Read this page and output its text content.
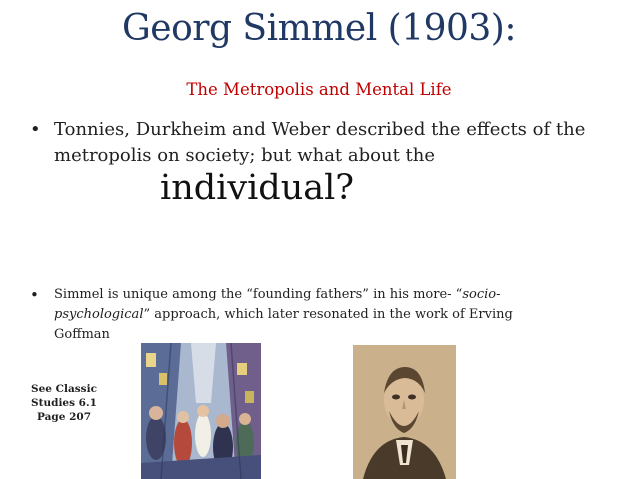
Georg Simmel (1903):
The Metropolis and Mental Life
• Tonnies, Durkheim and Weber described the effects of the metropolis on society; but what about the
individual?
• Simmel is unique among the “founding fathers” in his more- “socio-psychological” approach, which later resonated in the work of Erving Goffman
See Classic Studies 6.1
Page 207
